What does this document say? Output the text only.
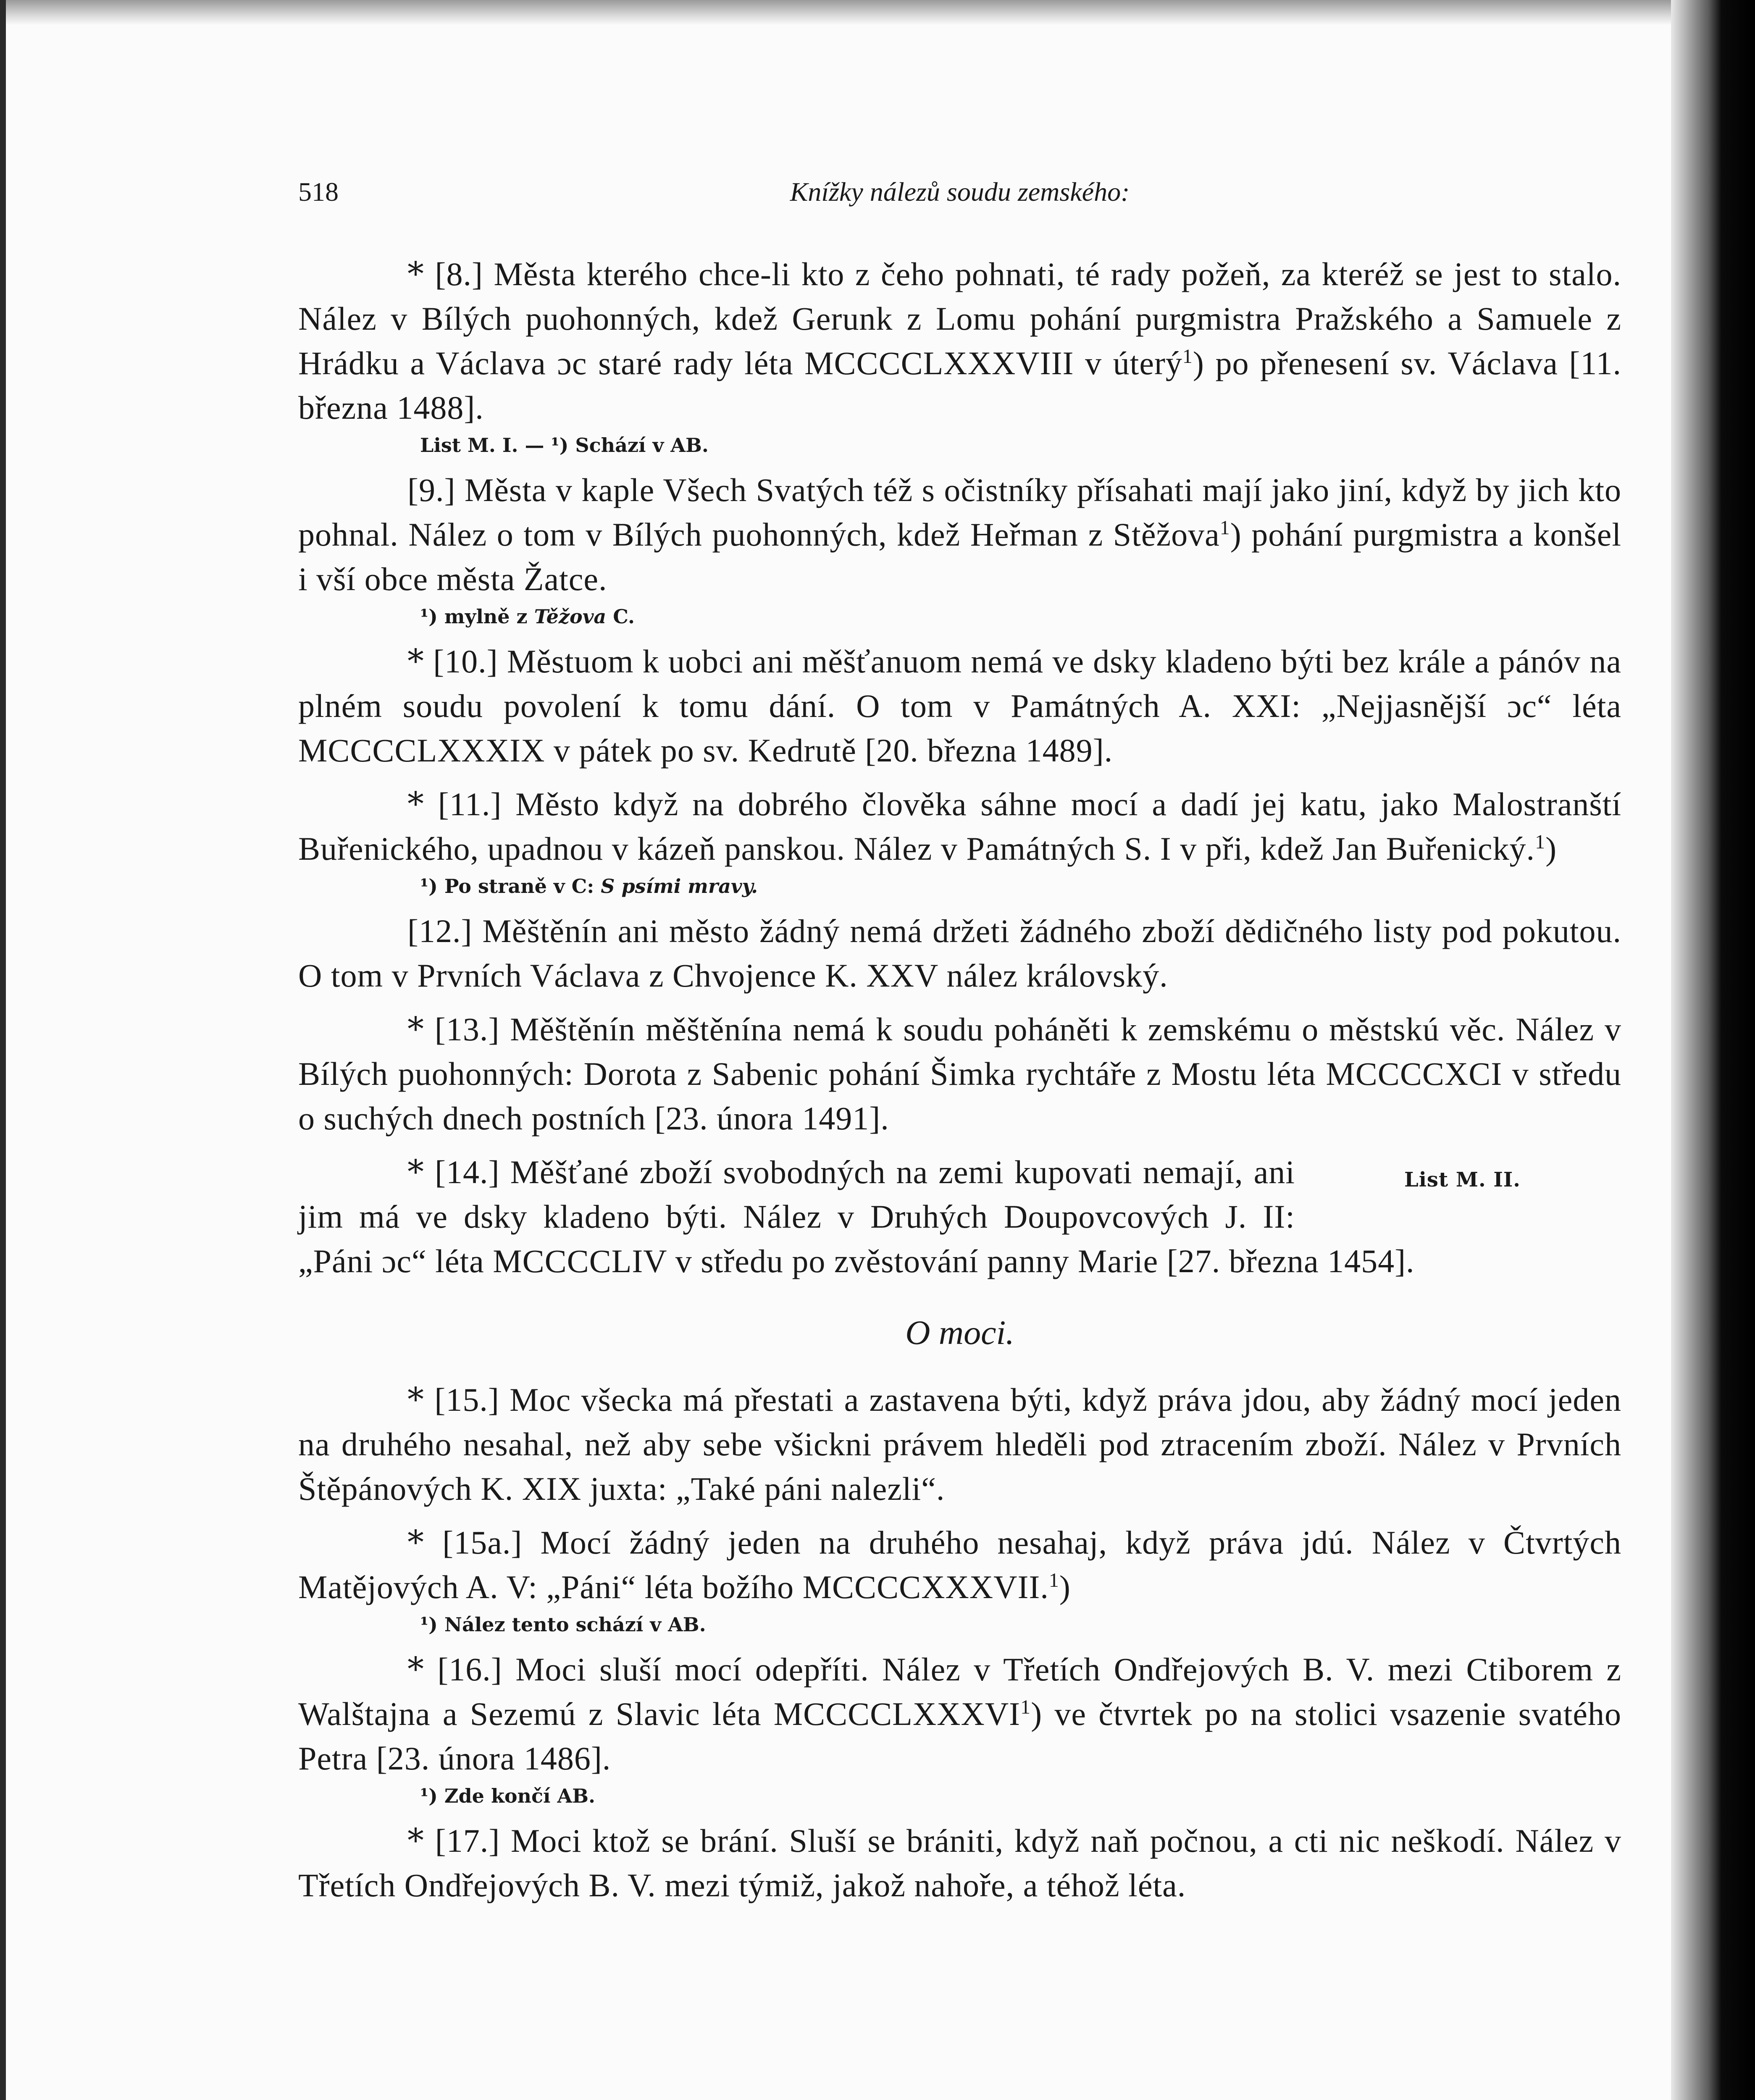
518	Knížky nálezů soudu zemského:

* [8.] Města kterého chce-li kto z čeho pohnati, té rady požeň, za kteréž se jest to stalo. Nález v Bílých puohonných, kdež Gerunk z Lomu pohání purgmistra Pražského a Samuele z Hrádku a Václava ɔc staré rady léta MCCCCLXXXVIII v úterý$^1$) po přenesení sv. Václava [11. března 1488].

List M. I. — ¹) Schází v AB.

[9.] Města v kaple Všech Svatých též s očistníky přísahati mají jako jiní, když by jich kto pohnal. Nález o tom v Bílých puohonných, kdež Heřman z Stěžova$^1$) pohání purgmistra a konšel i vší obce města Žatce.

¹) mylně z Těžova C.

* [10.] Městuom k uobci ani měšťanuom nemá ve dsky kladeno býti bez krále a pánóv na plném soudu povolení k tomu dání. O tom v Památných A. XXI: „Nejjasnější ɔc“ léta MCCCCLXXXIX v pátek po sv. Kedrutě [20. března 1489].

* [11.] Město když na dobrého člověka sáhne mocí a dadí jej katu, jako Malostranští Buřenického, upadnou v kázeň panskou. Nález v Památných S. I v při, kdež Jan Buřenický.$^1$)

¹) Po straně v C: S psími mravy.

[12.] Měštěnín ani město žádný nemá držeti žádného zboží dědičného listy pod pokutou. O tom v Prvních Václava z Chvojence K. XXV nález královský.

* [13.] Měštěnín měštěnína nemá k soudu poháněti k zemskému o městskú věc. Nález v Bílých puohonných: Dorota z Sabenic pohání Šimka rychtáře z Mostu léta MCCCCXCI v středu o suchých dnech postních [23. února 1491].

List M. II.
* [14.] Měšťané zboží svobodných na zemi kupovati nemají, ani jim má ve dsky kladeno býti. Nález v Druhých Doupovcových J. II: „Páni ɔc“ léta MCCCCLIV v středu po zvěstování panny Marie [27. března 1454].

O moci.

* [15.] Moc všecka má přestati a zastavena býti, když práva jdou, aby žádný mocí jeden na druhého nesahal, než aby sebe všickni právem hleděli pod ztracením zboží. Nález v Prvních Štěpánových K. XIX juxta: „Také páni nalezli“.

* [15a.] Mocí žádný jeden na druhého nesahaj, když práva jdú. Nález v Čtvrtých Matějových A. V: „Páni“ léta božího MCCCCXXXVII.$^1$)

¹) Nález tento schází v AB.

* [16.] Moci sluší mocí odepříti. Nález v Třetích Ondřejových B. V. mezi Ctiborem z Walštajna a Sezemú z Slavic léta MCCCCLXXXVI$^1$) ve čtvrtek po na stolici vsazenie svatého Petra [23. února 1486].

¹) Zde končí AB.

* [17.] Moci ktož se brání. Sluší se brániti, když naň počnou, a cti nic neškodí. Nález v Třetích Ondřejových B. V. mezi týmiž, jakož nahoře, a téhož léta.
